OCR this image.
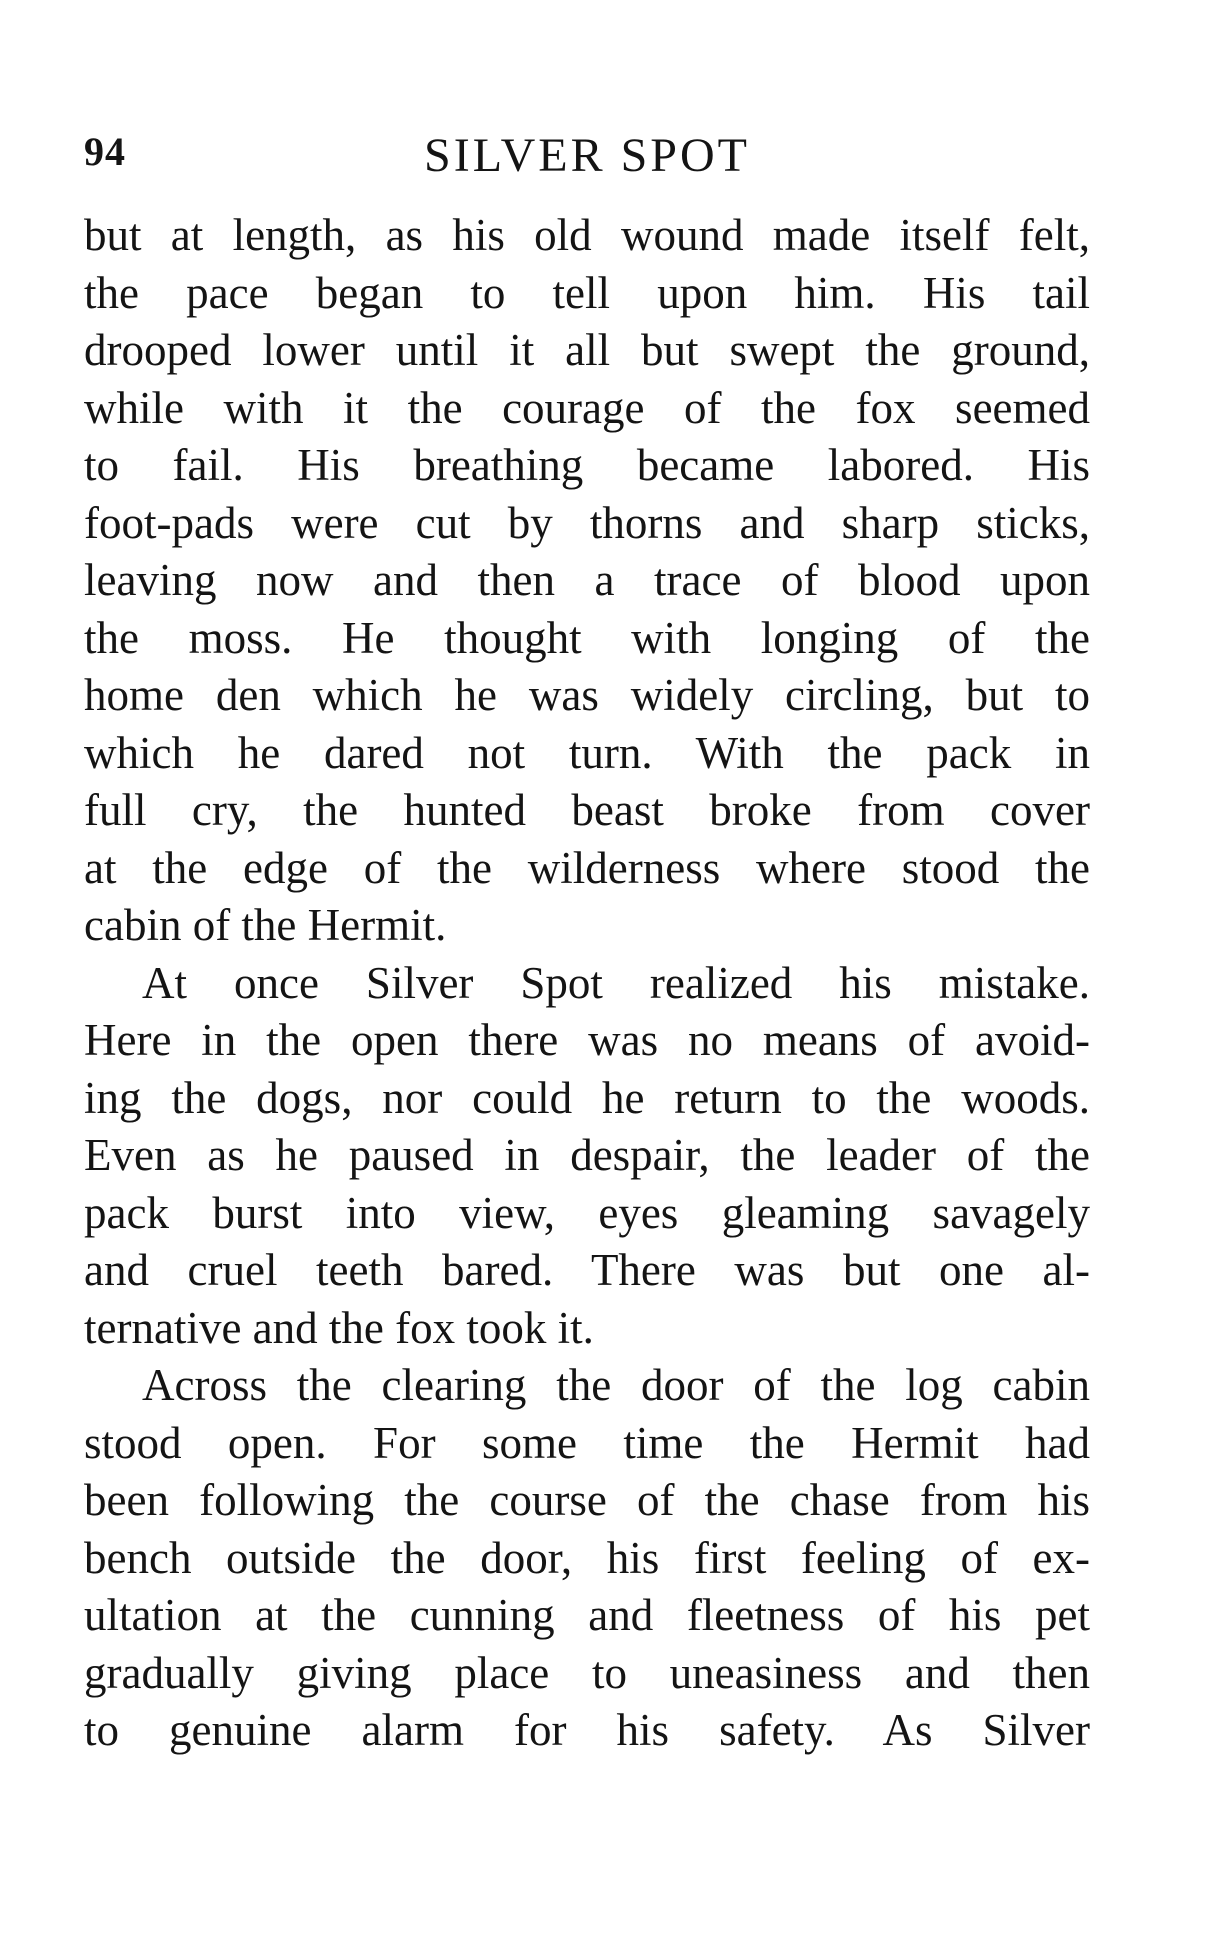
94	SILVER SPOT
but at length, as his old wound made itself felt,
the pace began to tell upon him. His tail
drooped lower until it all but swept the ground,
while with it the courage of the fox seemed
to fail. His breathing became labored. His
foot-pads were cut by thorns and sharp sticks,
leaving now and then a trace of blood upon
the moss. He thought with longing of the
home den which he was widely circling, but to
which he dared not turn. With the pack in
full cry, the hunted beast broke from cover
at the edge of the wilderness where stood the
cabin of the Hermit.
At once Silver Spot realized his mistake.
Here in the open there was no means of avoid-
ing the dogs, nor could he return to the woods.
Even as he paused in despair, the leader of the
pack burst into view, eyes gleaming savagely
and cruel teeth bared. There was but one al-
ternative and the fox took it.
Across the clearing the door of the log cabin
stood open. For some time the Hermit had
been following the course of the chase from his
bench outside the door, his first feeling of ex-
ultation at the cunning and fleetness of his pet
gradually giving place to uneasiness and then
to genuine alarm for his safety. As Silver
